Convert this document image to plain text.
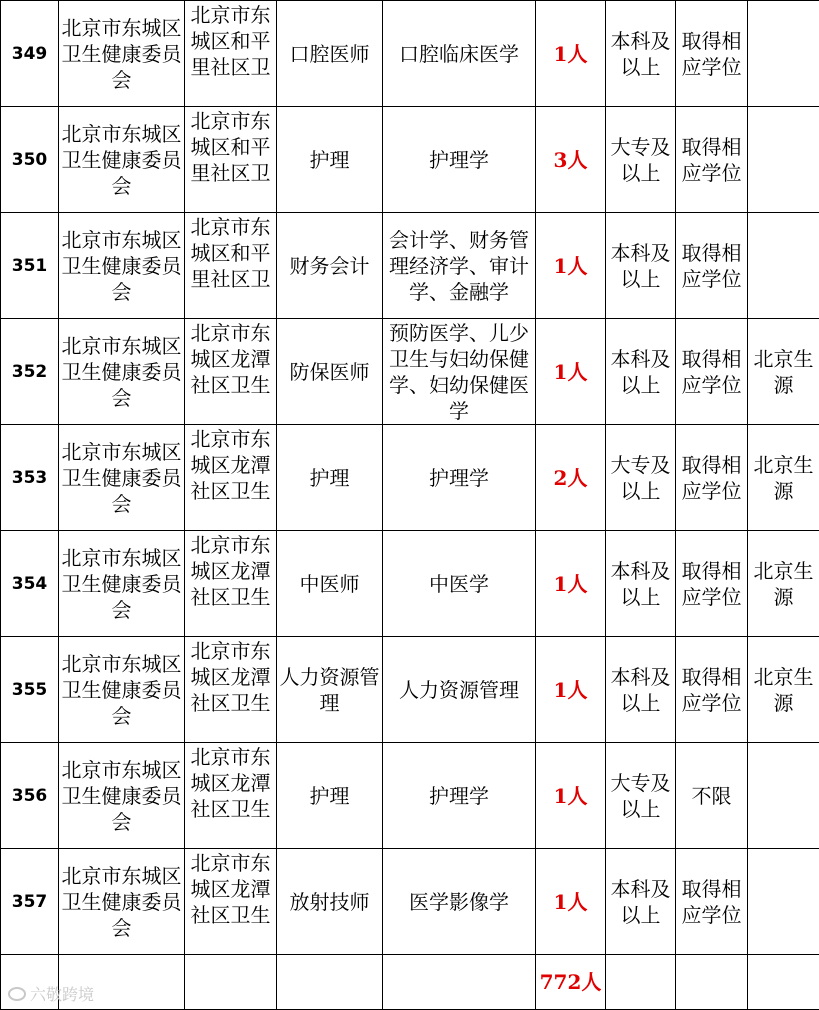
349	北京市东城区卫生健康委员会	北京市东城区和平里社区卫	口腔医师	口腔临床医学	1人	本科及以上	取得相应学位	

350	北京市东城区卫生健康委员会	北京市东城区和平里社区卫	护理	护理学	3人	大专及以上	取得相应学位	

351	北京市东城区卫生健康委员会	北京市东城区和平里社区卫	财务会计	会计学、财务管理经济学、审计学、金融学	1人	本科及以上	取得相应学位	

352	北京市东城区卫生健康委员会	北京市东城区龙潭社区卫生	防保医师	预防医学、儿少卫生与妇幼保健学、妇幼保健医学	1人	本科及以上	取得相应学位	北京生源

353	北京市东城区卫生健康委员会	北京市东城区龙潭社区卫生	护理	护理学	2人	大专及以上	取得相应学位	北京生源

354	北京市东城区卫生健康委员会	北京市东城区龙潭社区卫生	中医师	中医学	1人	本科及以上	取得相应学位	北京生源

355	北京市东城区卫生健康委员会	北京市东城区龙潭社区卫生	人力资源管理	人力资源管理	1人	本科及以上	取得相应学位	北京生源

356	北京市东城区卫生健康委员会	北京市东城区龙潭社区卫生	护理	护理学	1人	大专及以上	不限	

357	北京市东城区卫生健康委员会	北京市东城区龙潭社区卫生	放射技师	医学影像学	1人	本科及以上	取得相应学位	

					772人			
六敬跨境
